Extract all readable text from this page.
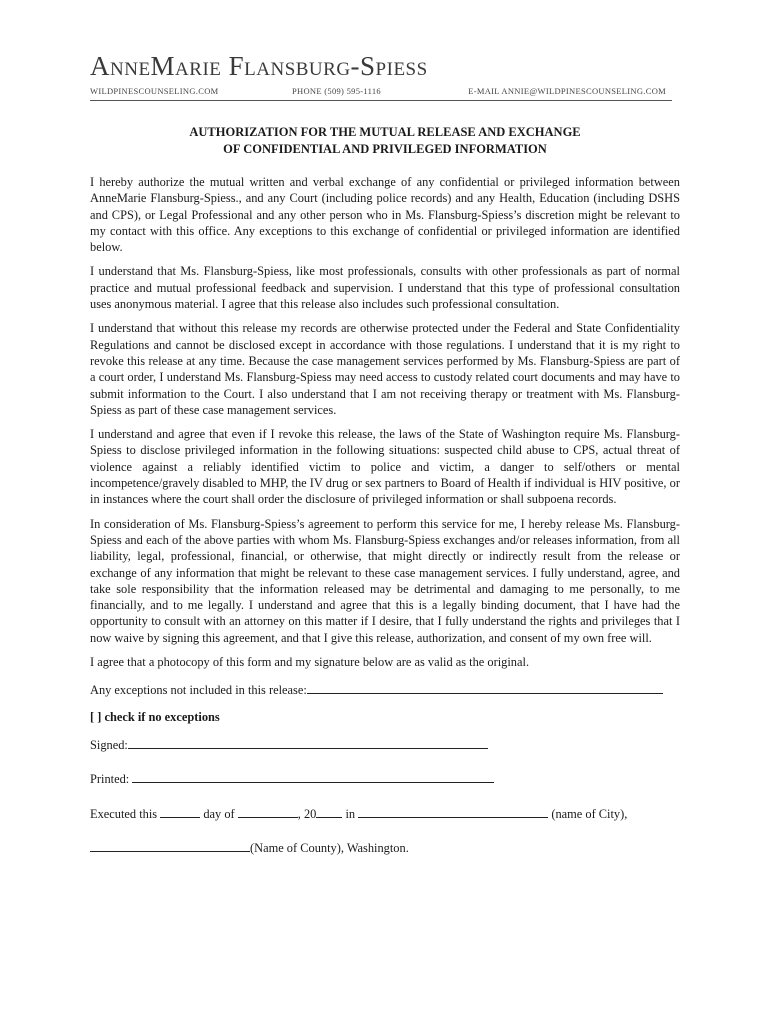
AnneMarie Flansburg-Spiess
WILDPINESCOUNSELING.COM	PHONE (509) 595-1116	E-MAIL ANNIE@WILDPINESCOUNSELING.COM
AUTHORIZATION FOR THE MUTUAL RELEASE AND EXCHANGE
OF CONFIDENTIAL AND PRIVILEGED INFORMATION

I hereby authorize the mutual written and verbal exchange of any confidential or privileged information between AnneMarie Flansburg-Spiess., and any Court (including police records) and any Health, Education (including DSHS and CPS), or Legal Professional and any other person who in Ms. Flansburg-Spiess’s discretion might be relevant to my contact with this office. Any exceptions to this exchange of confidential or privileged information are identified below.

I understand that Ms. Flansburg-Spiess, like most professionals, consults with other professionals as part of normal practice and mutual professional feedback and supervision. I understand that this type of professional consultation uses anonymous material. I agree that this release also includes such professional consultation.

I understand that without this release my records are otherwise protected under the Federal and State Confidentiality Regulations and cannot be disclosed except in accordance with those regulations. I understand that it is my right to revoke this release at any time. Because the case management services performed by Ms. Flansburg-Spiess are part of a court order, I understand Ms. Flansburg-Spiess may need access to custody related court documents and may have to submit information to the Court. I also understand that I am not receiving therapy or treatment with Ms. Flansburg-Spiess as part of these case management services.

I understand and agree that even if I revoke this release, the laws of the State of Washington require Ms. Flansburg-Spiess to disclose privileged information in the following situations: suspected child abuse to CPS, actual threat of violence against a reliably identified victim to police and victim, a danger to self/others or mental incompetence/gravely disabled to MHP, the IV drug or sex partners to Board of Health if individual is HIV positive, or in instances where the court shall order the disclosure of privileged information or shall subpoena records.

In consideration of Ms. Flansburg-Spiess’s agreement to perform this service for me, I hereby release Ms. Flansburg-Spiess and each of the above parties with whom Ms. Flansburg-Spiess exchanges and/or releases information, from all liability, legal, professional, financial, or otherwise, that might directly or indirectly result from the release or exchange of any information that might be relevant to these case management services. I fully understand, agree, and take sole responsibility that the information released may be detrimental and damaging to me personally, to me financially, and to me legally. I understand and agree that this is a legally binding document, that I have had the opportunity to consult with an attorney on this matter if I desire, that I fully understand the rights and privileges that I now waive by signing this agreement, and that I give this release, authorization, and consent of my own free will.

I agree that a photocopy of this form and my signature below are as valid as the original.

Any exceptions not included in this release:

[ ] check if no exceptions

Signed:

Printed:

Executed this	day of	, 20 in	(name of City),

(Name of County), Washington.
